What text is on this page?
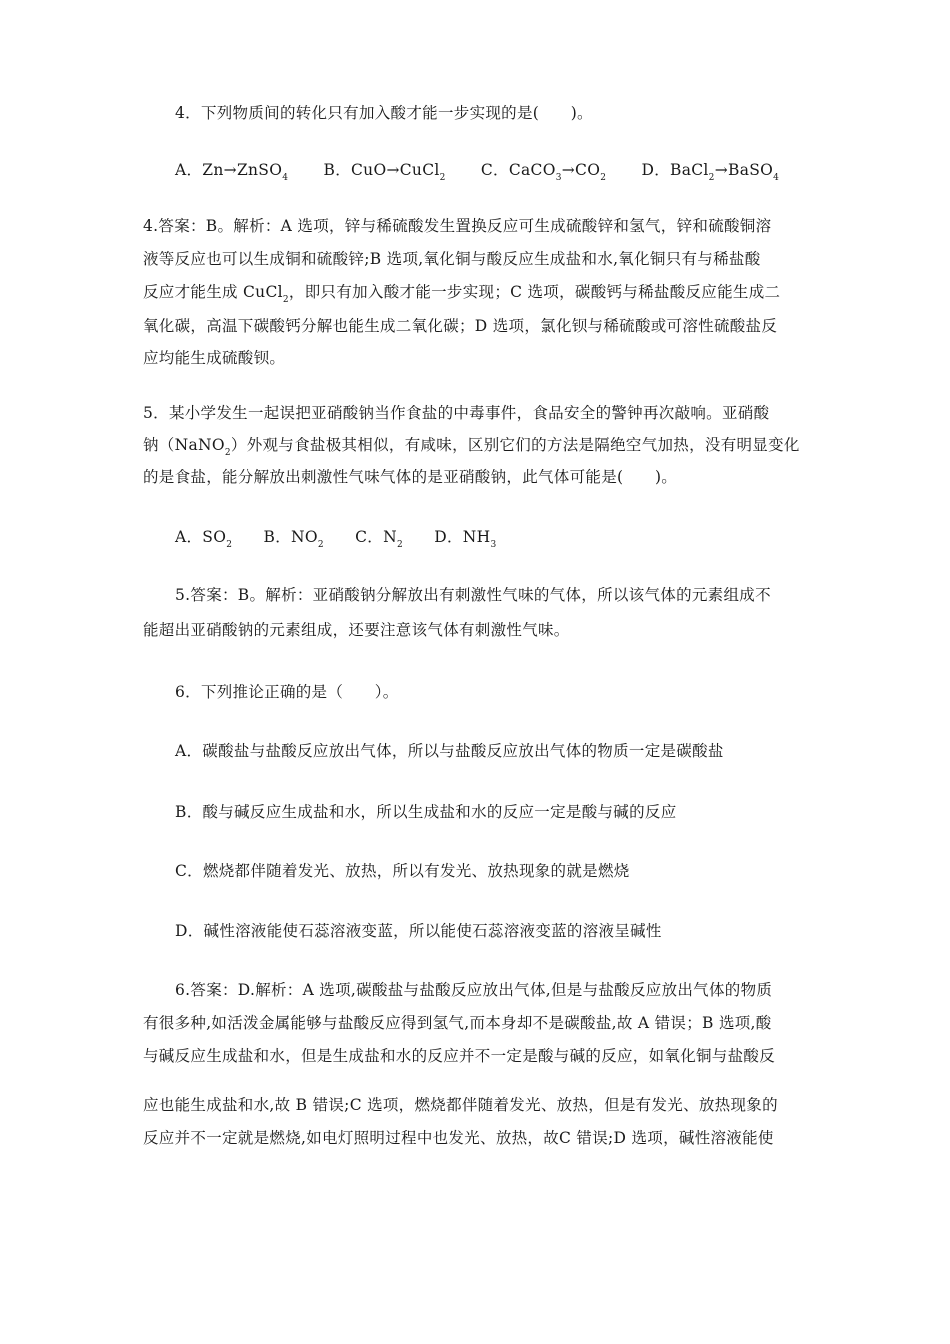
4．下列物质间的转化只有加入酸才能一步实现的是(　　)。
A．Zn→ZnSO$_4$ B．CuO→CuCl$_2$ C．$CaCO_3\to CO_2$ D．BaCl$_2$→BaSO$_4$
4.答案：B。解析：A 选项，锌与稀硫酸发生置换反应可生成硫酸锌和氢气，锌和硫酸铜溶
液等反应也可以生成铜和硫酸锌;B 选项,氧化铜与酸反应生成盐和水,氧化铜只有与稀盐酸
反应才能生成 CuCl$_2$，即只有加入酸才能一步实现；C 选项，碳酸钙与稀盐酸反应能生成二
氧化碳，高温下碳酸钙分解也能生成二氧化碳；D 选项，氯化钡与稀硫酸或可溶性硫酸盐反
应均能生成硫酸钡。
5．某小学发生一起误把亚硝酸钠当作食盐的中毒事件，食品安全的警钟再次敲响。亚硝酸
钠（NaNO$_2$）外观与食盐极其相似，有咸味，区别它们的方法是隔绝空气加热，没有明显变化
的是食盐，能分解放出刺激性气味气体的是亚硝酸钠，此气体可能是(　　)。
A．$SO_2$ B．$NO_2$ C．$N_2$ D．$NH_3$
5.答案：B。解析：亚硝酸钠分解放出有刺激性气味的气体，所以该气体的元素组成不
能超出亚硝酸钠的元素组成，还要注意该气体有刺激性气味。
6．下列推论正确的是（　　）。
A．碳酸盐与盐酸反应放出气体，所以与盐酸反应放出气体的物质一定是碳酸盐
B．酸与碱反应生成盐和水，所以生成盐和水的反应一定是酸与碱的反应
C．燃烧都伴随着发光、放热，所以有发光、放热现象的就是燃烧
D．碱性溶液能使石蕊溶液变蓝，所以能使石蕊溶液变蓝的溶液呈碱性
6.答案：D.解析：A 选项,碳酸盐与盐酸反应放出气体,但是与盐酸反应放出气体的物质
有很多种,如活泼金属能够与盐酸反应得到氢气,而本身却不是碳酸盐,故 A 错误；B 选项,酸
与碱反应生成盐和水，但是生成盐和水的反应并不一定是酸与碱的反应，如氧化铜与盐酸反
应也能生成盐和水,故 B 错误;C 选项，燃烧都伴随着发光、放热，但是有发光、放热现象的
反应并不一定就是燃烧,如电灯照明过程中也发光、放热，故C 错误;D 选项，碱性溶液能使
